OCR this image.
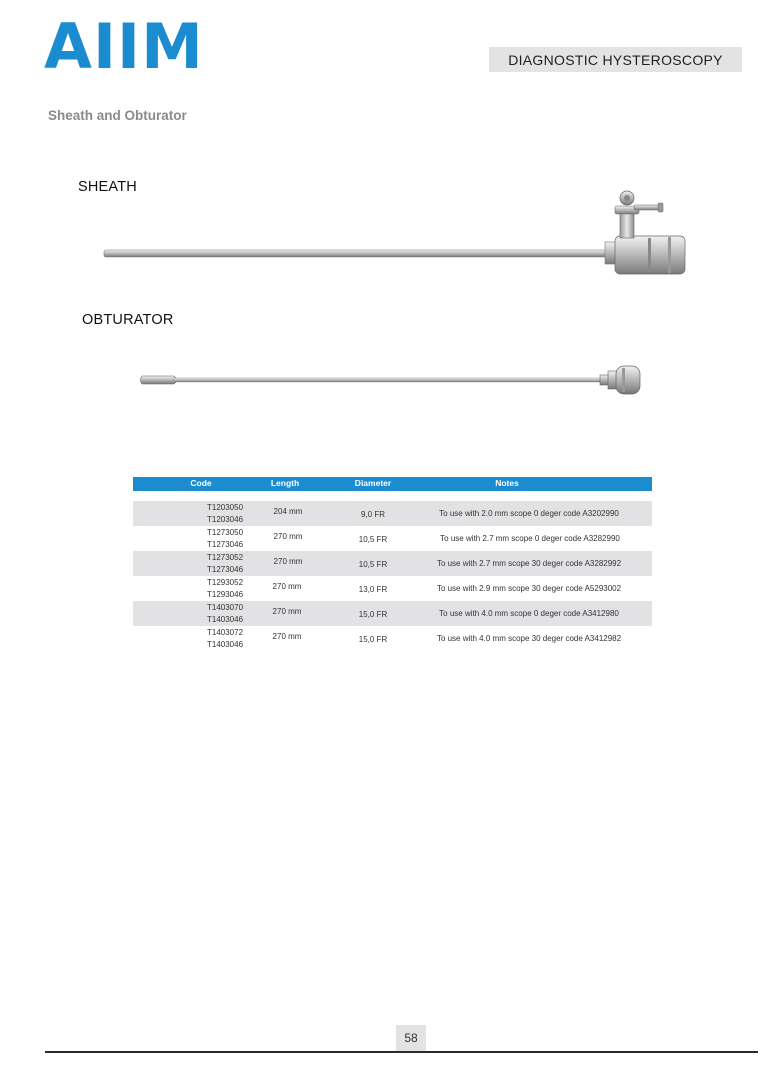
AIIM	DIAGNOSTIC HYSTEROSCOPY
Sheath and Obturator
SHEATH
OBTURATOR
Code	Length	Diameter	Notes
T1203050
T1203046
204 mm	9,0 FR	To use with 2.0 mm scope 0 deger code A3202990
T1273050
T1273046
270 mm	10,5 FR	To use with 2.7 mm scope 0 deger code A3282990
T1273052
T1273046
270 mm	10,5 FR	To use with 2.7 mm scope 30 deger code A3282992
T1293052
T1293046
270 mm	13,0 FR	To use with 2.9 mm scope 30 deger code A5293002
T1403070
T1403046
270 mm	15,0 FR	To use with 4.0 mm scope 0 deger code A3412980
T1403072
T1403046
270 mm	15,0 FR	To use with 4.0 mm scope 30 deger code A3412982
58
